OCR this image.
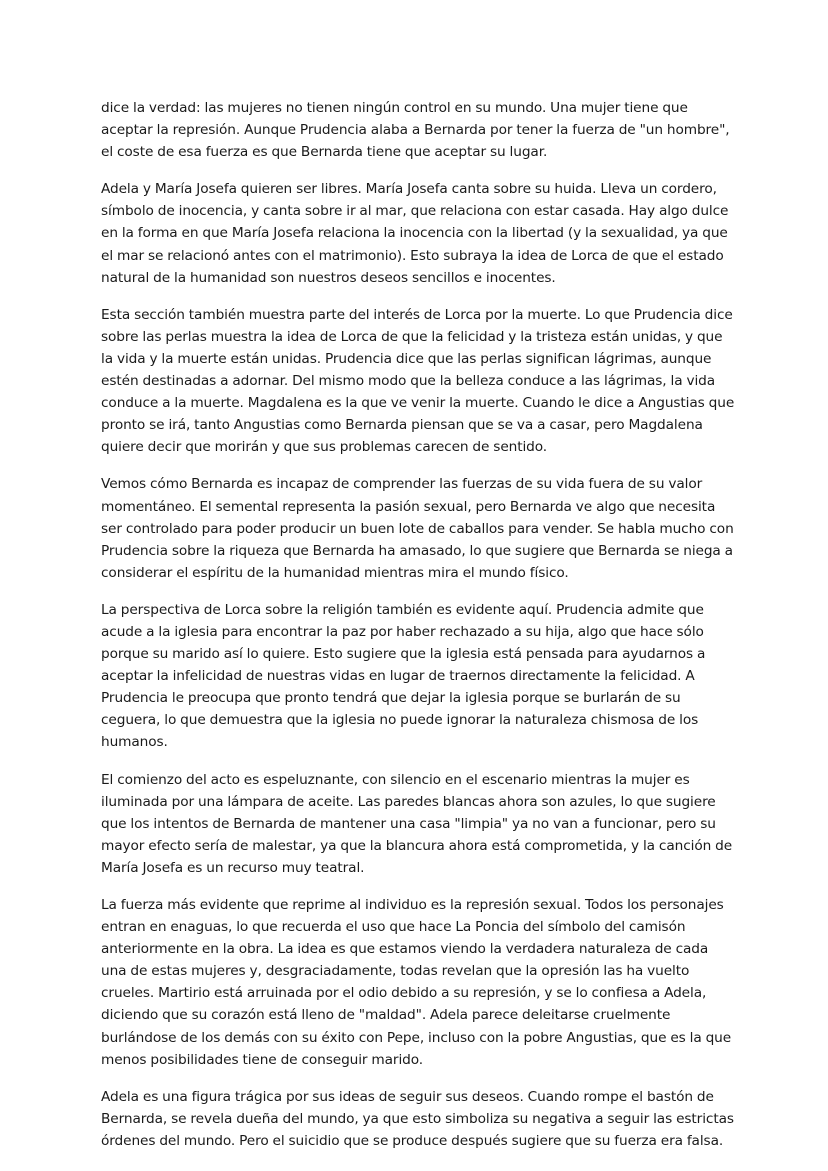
dice la verdad: las mujeres no tienen ningún control en su mundo. Una mujer tiene que aceptar la represión. Aunque Prudencia alaba a Bernarda por tener la fuerza de "un hombre", el coste de esa fuerza es que Bernarda tiene que aceptar su lugar.

Adela y María Josefa quieren ser libres. María Josefa canta sobre su huida. Lleva un cordero, símbolo de inocencia, y canta sobre ir al mar, que relaciona con estar casada. Hay algo dulce en la forma en que María Josefa relaciona la inocencia con la libertad (y la sexualidad, ya que el mar se relacionó antes con el matrimonio). Esto subraya la idea de Lorca de que el estado natural de la humanidad son nuestros deseos sencillos e inocentes.

Esta sección también muestra parte del interés de Lorca por la muerte. Lo que Prudencia dice sobre las perlas muestra la idea de Lorca de que la felicidad y la tristeza están unidas, y que la vida y la muerte están unidas. Prudencia dice que las perlas significan lágrimas, aunque estén destinadas a adornar. Del mismo modo que la belleza conduce a las lágrimas, la vida conduce a la muerte. Magdalena es la que ve venir la muerte. Cuando le dice a Angustias que pronto se irá, tanto Angustias como Bernarda piensan que se va a casar, pero Magdalena quiere decir que morirán y que sus problemas carecen de sentido.

Vemos cómo Bernarda es incapaz de comprender las fuerzas de su vida fuera de su valor momentáneo. El semental representa la pasión sexual, pero Bernarda ve algo que necesita ser controlado para poder producir un buen lote de caballos para vender. Se habla mucho con Prudencia sobre la riqueza que Bernarda ha amasado, lo que sugiere que Bernarda se niega a considerar el espíritu de la humanidad mientras mira el mundo físico.

La perspectiva de Lorca sobre la religión también es evidente aquí. Prudencia admite que acude a la iglesia para encontrar la paz por haber rechazado a su hija, algo que hace sólo porque su marido así lo quiere. Esto sugiere que la iglesia está pensada para ayudarnos a aceptar la infelicidad de nuestras vidas en lugar de traernos directamente la felicidad. A Prudencia le preocupa que pronto tendrá que dejar la iglesia porque se burlarán de su ceguera, lo que demuestra que la iglesia no puede ignorar la naturaleza chismosa de los humanos.

El comienzo del acto es espeluznante, con silencio en el escenario mientras la mujer es iluminada por una lámpara de aceite. Las paredes blancas ahora son azules, lo que sugiere que los intentos de Bernarda de mantener una casa "limpia" ya no van a funcionar, pero su mayor efecto sería de malestar, ya que la blancura ahora está comprometida, y la canción de María Josefa es un recurso muy teatral.

La fuerza más evidente que reprime al individuo es la represión sexual. Todos los personajes entran en enaguas, lo que recuerda el uso que hace La Poncia del símbolo del camisón anteriormente en la obra. La idea es que estamos viendo la verdadera naturaleza de cada una de estas mujeres y, desgraciadamente, todas revelan que la opresión las ha vuelto crueles. Martirio está arruinada por el odio debido a su represión, y se lo confiesa a Adela, diciendo que su corazón está lleno de "maldad". Adela parece deleitarse cruelmente burlándose de los demás con su éxito con Pepe, incluso con la pobre Angustias, que es la que menos posibilidades tiene de conseguir marido.

Adela es una figura trágica por sus ideas de seguir sus deseos. Cuando rompe el bastón de Bernarda, se revela dueña del mundo, ya que esto simboliza su negativa a seguir las estrictas órdenes del mundo. Pero el suicidio que se produce después sugiere que su fuerza era falsa.
